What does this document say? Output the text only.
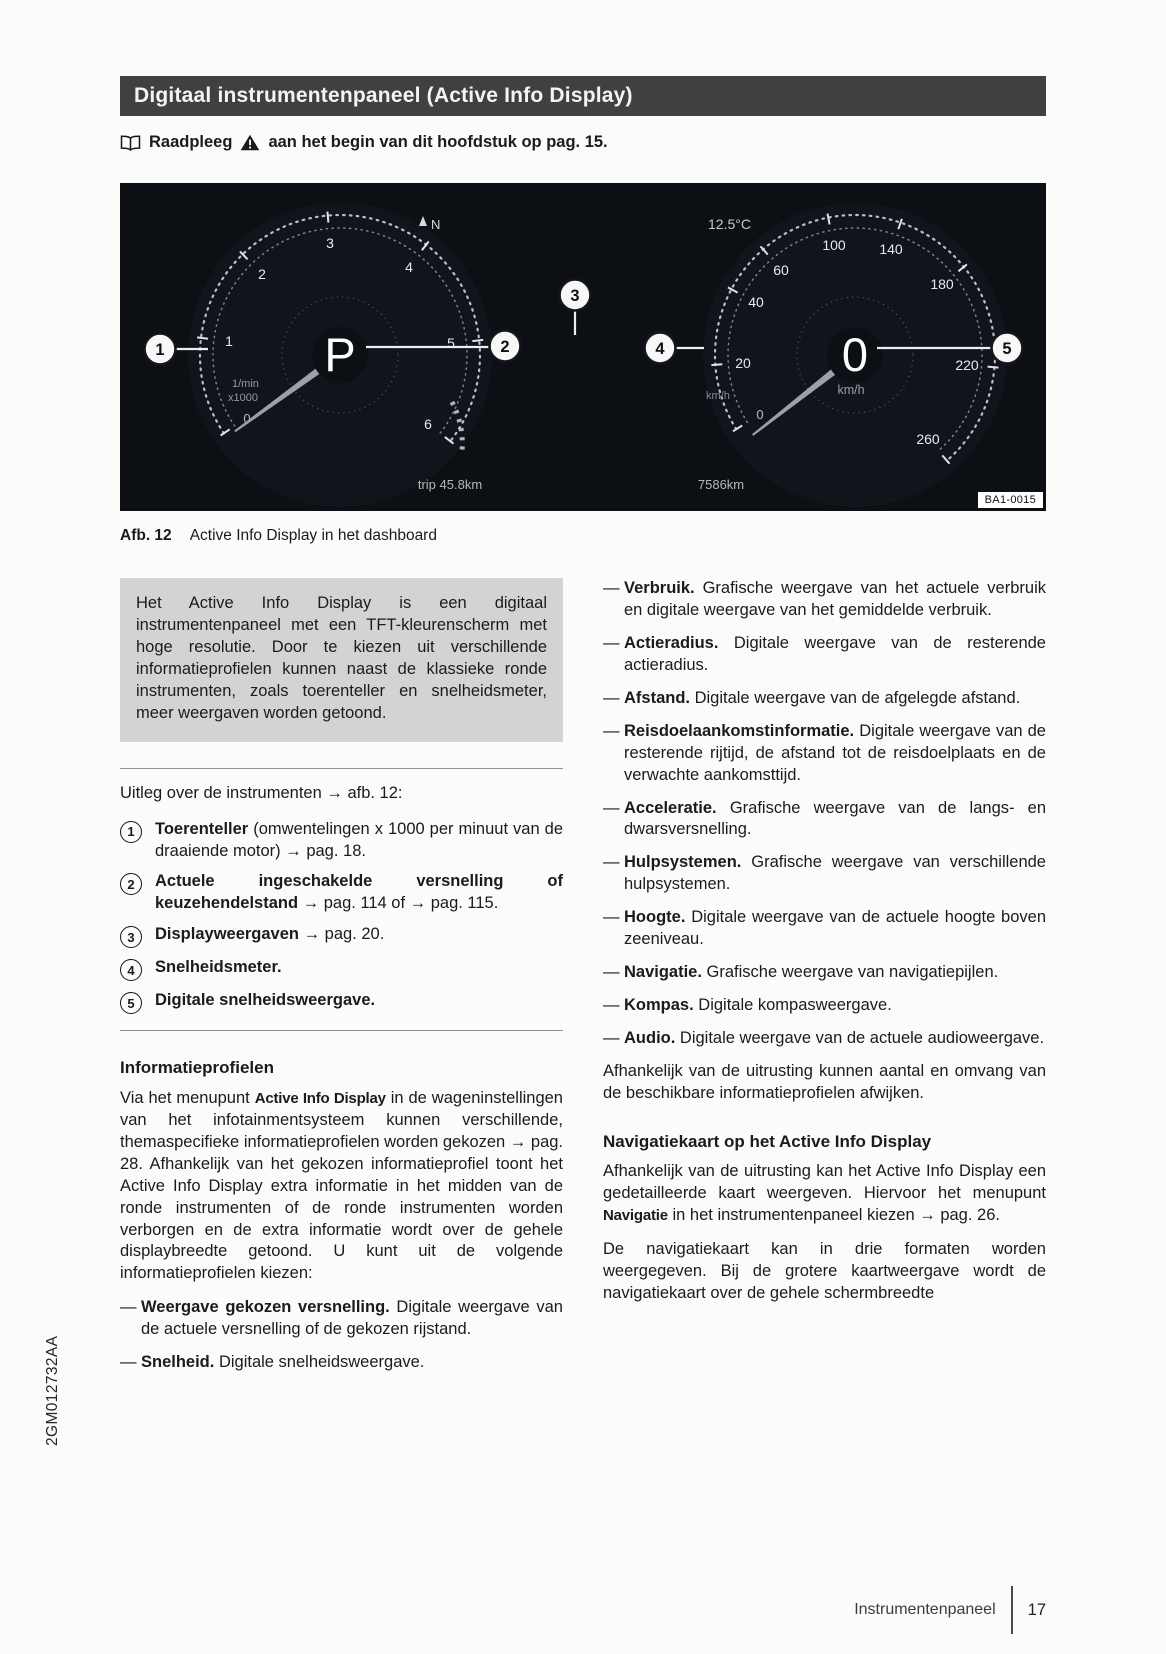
Digitaal instrumentenpaneel (Active Info Display)
Raadpleeg aan het begin van dit hoofdstuk op pag. 15.
0
1
2
3
4
5
6
P
1/min
x1000
trip 45.8km
0
20
40
60
100 140
180
220
260
0
km/h
km/h
7586km
N	12.5°C
1	2
3
4	5
BA1-0015

Afb. 12 Active Info Display in het dashboard

Het Active Info Display is een digitaal instrumentenpaneel met een TFT-kleurenscherm met hoge resolutie. Door te kiezen uit verschillende informatieprofielen kunnen naast de klassieke ronde instrumenten, zoals toerenteller en snelheidsmeter, meer weergaven worden getoond.

Uitleg over de instrumenten → afb. 12:

1	Toerenteller (omwentelingen x 1000 per minuut van de draaiende motor) → pag. 18.

2	Actuele ingeschakelde versnelling of keuzehendelstand → pag. 114 of → pag. 115.

3	Displayweergaven → pag. 20.

4	Snelheidsmeter.

5	Digitale snelheidsweergave.

Informatieprofielen

Via het menupunt Active Info Display in de wageninstellingen van het infotainmentsysteem kunnen verschillende, themaspecifieke informatieprofielen worden gekozen → pag. 28. Afhankelijk van het gekozen informatieprofiel toont het Active Info Display extra informatie in het midden van de ronde instrumenten of de ronde instrumenten worden verborgen en de extra informatie wordt over de gehele displaybreedte getoond. U kunt uit de volgende informatieprofielen kiezen:

— Weergave gekozen versnelling. Digitale weergave van de actuele versnelling of de gekozen rijstand.

— Snelheid. Digitale snelheidsweergave.

— Verbruik. Grafische weergave van het actuele verbruik en digitale weergave van het gemiddelde verbruik.

— Actieradius. Digitale weergave van de resterende actieradius.

— Afstand. Digitale weergave van de afgelegde afstand.

— Reisdoelaankomstinformatie. Digitale weergave van de resterende rijtijd, de afstand tot de reisdoelplaats en de verwachte aankomsttijd.

— Acceleratie. Grafische weergave van de langs- en dwarsversnelling.

— Hulpsystemen. Grafische weergave van verschillende hulpsystemen.

— Hoogte. Digitale weergave van de actuele hoogte boven zeeniveau.

— Navigatie. Grafische weergave van navigatiepijlen.

— Kompas. Digitale kompasweergave.

— Audio. Digitale weergave van de actuele audioweergave.

Afhankelijk van de uitrusting kunnen aantal en omvang van de beschikbare informatieprofielen afwijken.

Navigatiekaart op het Active Info Display

Afhankelijk van de uitrusting kan het Active Info Display een gedetailleerde kaart weergeven. Hiervoor het menupunt Navigatie in het instrumentenpaneel kiezen → pag. 26.

De navigatiekaart kan in drie formaten worden weergegeven. Bij de grotere kaartweergave wordt de navigatiekaart over de gehele schermbreedte

Instrumentenpaneel 17
2GM012732AA
